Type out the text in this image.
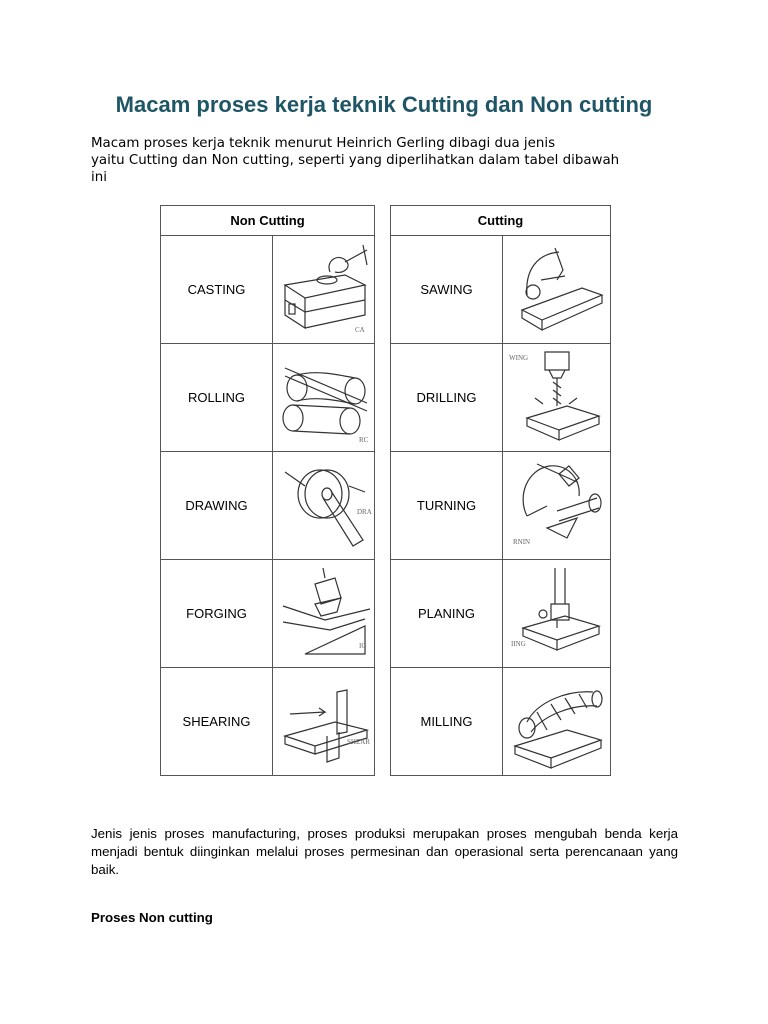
Macam proses kerja teknik Cutting dan Non cutting

Macam proses kerja teknik menurut Heinrich Gerling dibagi dua jenis
yaitu Cutting dan Non cutting, seperti yang diperlihatkan dalam tabel dibawah
ini

Non Cutting	
CASTING	CA

ROLLING	RC

DRAWING	DRA

FORGING	IG

SHEARING	SHEAR
Cutting	
SAWING	

DRILLING	WING

TURNING	RNIN

PLANING	IING

MILLING	

Jenis jenis proses manufacturing, proses produksi merupakan proses mengubah benda kerja menjadi bentuk diinginkan melalui proses permesinan dan operasional serta perencanaan yang baik.

Proses Non cutting
